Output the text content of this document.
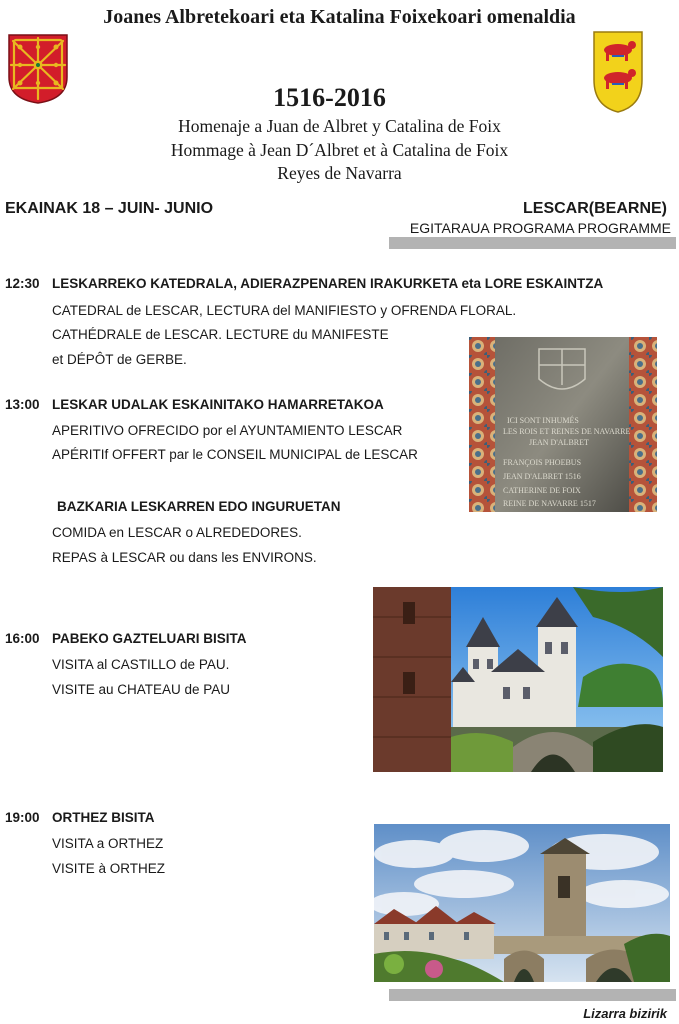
Joanes Albretekoari eta Katalina Foixekoari omenaldia
1516-2016
Homenaje a Juan de Albret y Catalina de Foix
Hommage à Jean D´Albret et à Catalina de Foix
Reyes de Navarra
EKAINAK 18 – JUIN- JUNIO	LESCAR(BEARNE)
EGITARAUA PROGRAMA PROGRAMME
12:30 LESKARREKO KATEDRALA, ADIERAZPENAREN IRAKURKETA eta LORE ESKAINTZA
CATEDRAL de LESCAR, LECTURA del MANIFIESTO y OFRENDA FLORAL.
CATHÉDRALE de LESCAR. LECTURE du MANIFESTE
et DÉPÔT de GERBE.
13:00 LESKAR UDALAK ESKAINITAKO HAMARRETAKOA
APERITIVO OFRECIDO por el AYUNTAMIENTO LESCAR
APÉRITIf OFFERT par le CONSEIL MUNICIPAL de LESCAR
BAZKARIA LESKARREN EDO INGURUETAN
COMIDA en LESCAR o ALREDEDORES.
REPAS à LESCAR ou dans les ENVIRONS.
ICI SONT INHUMÉS
LES ROIS ET REINES DE NAVARRE
JEAN D'ALBRET
FRANÇOIS PHOEBUS
JEAN D'ALBRET 1516
CATHERINE DE FOIX
REINE DE NAVARRE 1517
16:00 PABEKO GAZTELUARI BISITA
VISITA al CASTILLO de PAU.
VISITE au CHATEAU de PAU
19:00 ORTHEZ BISITA
VISITA a ORTHEZ
VISITE à ORTHEZ
Lizarra bizirik
